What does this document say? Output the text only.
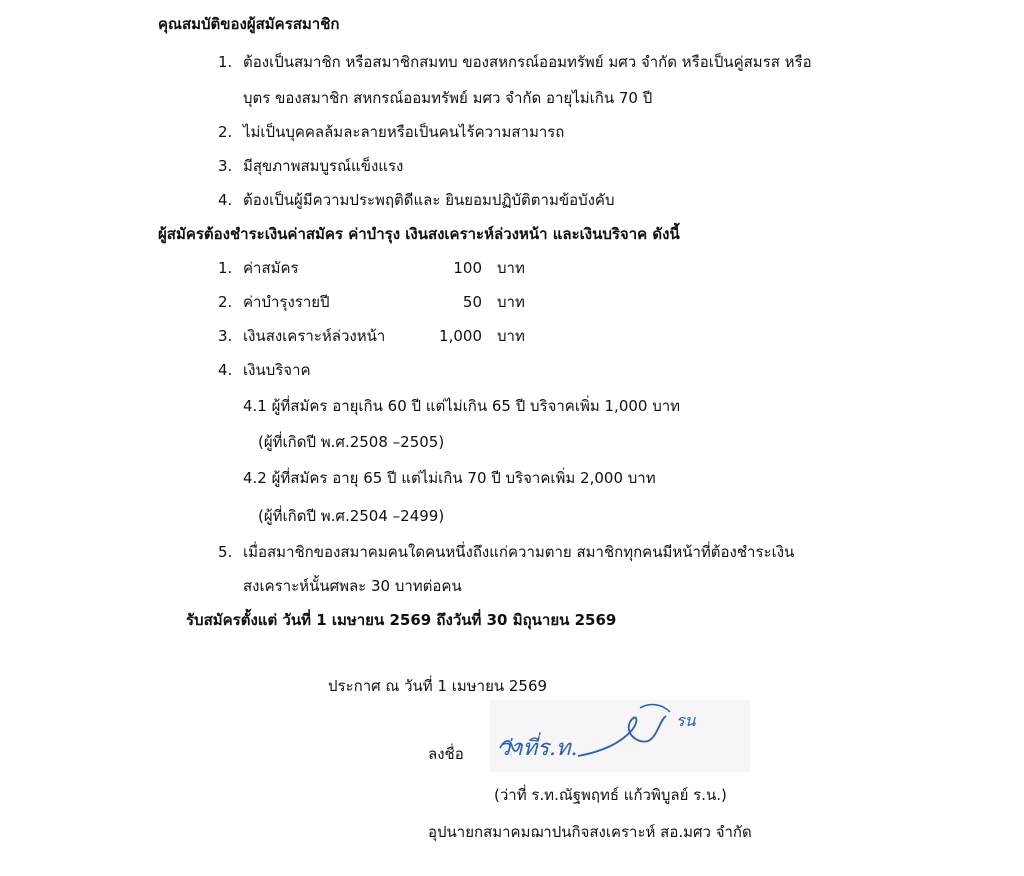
คุณสมบัติของผู้สมัครสมาชิก
1. ต้องเป็นสมาชิก หรือสมาชิกสมทบ ของสหกรณ์ออมทรัพย์ มศว จำกัด หรือเป็นคู่สมรส หรือ
บุตร ของสมาชิก สหกรณ์ออมทรัพย์ มศว จำกัด อายุไม่เกิน 70 ปี
2. ไม่เป็นบุคคลล้มละลายหรือเป็นคนไร้ความสามารถ
3. มีสุขภาพสมบูรณ์แข็งแรง
4. ต้องเป็นผู้มีความประพฤติดีและ ยินยอมปฏิบัติตามข้อบังคับ
ผู้สมัครต้องชำระเงินค่าสมัคร ค่าบำรุง เงินสงเคราะห์ล่วงหน้า และเงินบริจาค ดังนี้
1. ค่าสมัคร	100 บาท
2. ค่าบำรุงรายปี	50 บาท
3. เงินสงเคราะห์ล่วงหน้า	1,000 บาท
4. เงินบริจาค
4.1 ผู้ที่สมัคร อายุเกิน 60 ปี แต่ไม่เกิน 65 ปี บริจาคเพิ่ม 1,000 บาท
(ผู้ที่เกิดปี พ.ศ.2508 –2505)
4.2 ผู้ที่สมัคร อายุ 65 ปี แต่ไม่เกิน 70 ปี บริจาคเพิ่ม 2,000 บาท
(ผู้ที่เกิดปี พ.ศ.2504 –2499)
5. เมื่อสมาชิกของสมาคมคนใดคนหนึ่งถึงแก่ความตาย สมาชิกทุกคนมีหน้าที่ต้องชำระเงิน
สงเคราะห์นั้นศพละ 30 บาทต่อคน
รับสมัครตั้งแต่ วันที่ 1 เมษายน 2569 ถึงวันที่ 30 มิถุนายน 2569
ประกาศ ณ วันที่ 1 เมษายน 2569
ลงชื่อ ว่าที่ร.ท.
รน
(ว่าที่ ร.ท.ณัฐพฤทธ์ แก้วพิบูลย์ ร.น.)
อุปนายกสมาคมฌาปนกิจสงเคราะห์ สอ.มศว จำกัด
